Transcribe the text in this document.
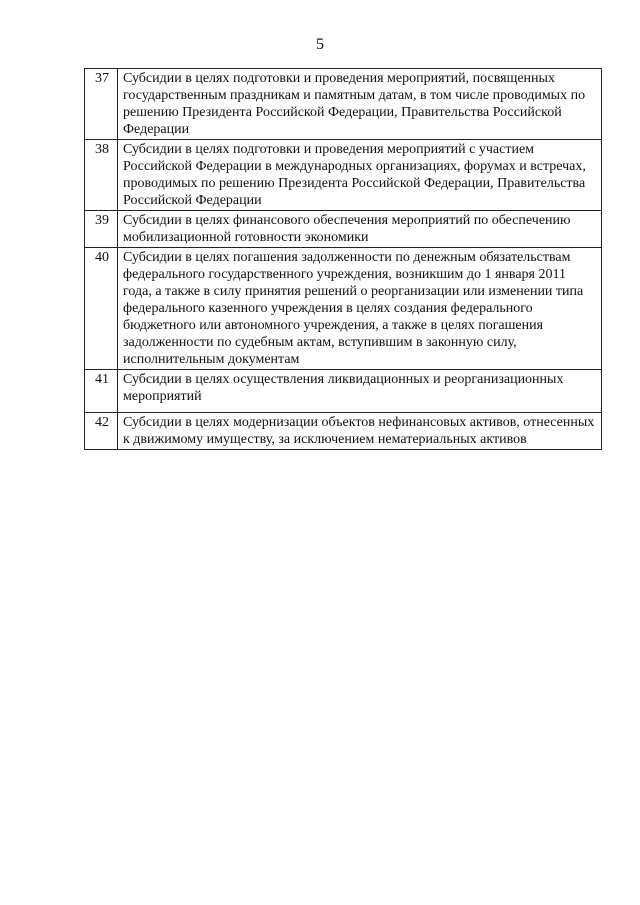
5
37	Субсидии в целях подготовки и проведения мероприятий, посвященных государственным праздникам и памятным датам, в том числе проводимых по решению Президента Российской Федерации, Правительства Российской Федерации
38	Субсидии в целях подготовки и проведения мероприятий с участием Российской Федерации в международных организациях, форумах и встречах, проводимых по решению Президента Российской Федерации, Правительства Российской Федерации
39	Субсидии в целях финансового обеспечения мероприятий по обеспечению мобилизационной готовности экономики
40	Субсидии в целях погашения задолженности по денежным обязательствам федерального государственного учреждения, возникшим до 1 января 2011 года, а также в силу принятия решений о реорганизации или изменении типа федерального казенного учреждения в целях создания федерального бюджетного или автономного учреждения, а также в целях погашения задолженности по судебным актам, вступившим в законную силу, исполнительным документам
41	Субсидии в целях осуществления ликвидационных и реорганизационных мероприятий
42	Субсидии в целях модернизации объектов нефинансовых активов, отнесенных к движимому имуществу, за исключением нематериальных активов
